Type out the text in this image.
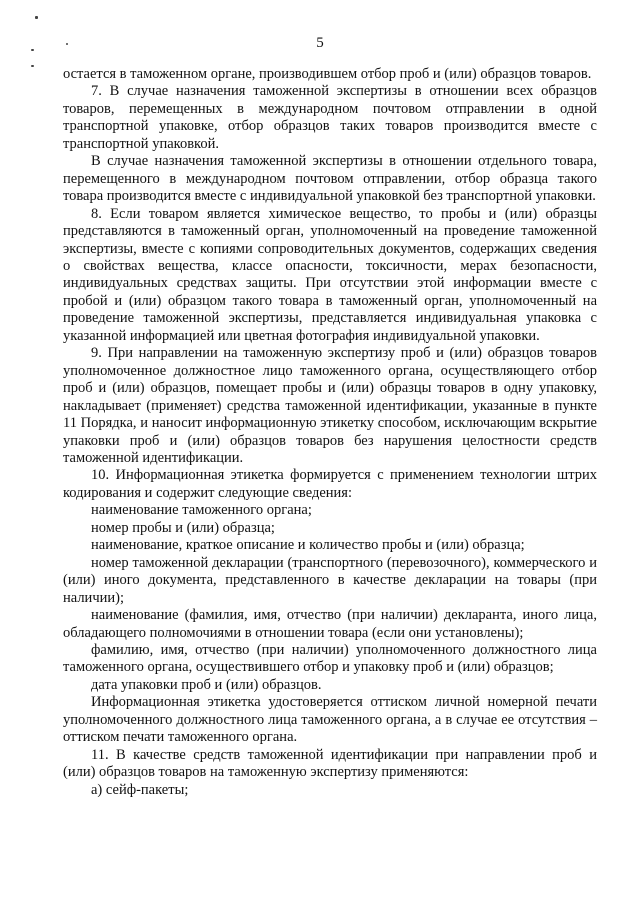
5

остается в таможенном органе, производившем отбор проб и (или) образцов товаров.

7. В случае назначения таможенной экспертизы в отношении всех образцов товаров, перемещенных в международном почтовом отправлении в одной транспортной упаковке, отбор образцов таких товаров производится вместе с транспортной упаковкой.

В случае назначения таможенной экспертизы в отношении отдельного товара, перемещенного в международном почтовом отправлении, отбор образца такого товара производится вместе с индивидуальной упаковкой без транспортной упаковки.

8. Если товаром является химическое вещество, то пробы и (или) образцы представляются в таможенный орган, уполномоченный на проведение таможенной экспертизы, вместе с копиями сопроводительных документов, содержащих сведения о свойствах вещества, классе опасности, токсичности, мерах безопасности, индивидуальных средствах защиты. При отсутствии этой информации вместе с пробой и (или) образцом такого товара в таможенный орган, уполномоченный на проведение таможенной экспертизы, представляется индивидуальная упаковка с указанной информацией или цветная фотография индивидуальной упаковки.

9. При направлении на таможенную экспертизу проб и (или) образцов товаров уполномоченное должностное лицо таможенного органа, осуществляющего отбор проб и (или) образцов, помещает пробы и (или) образцы товаров в одну упаковку, накладывает (применяет) средства таможенной идентификации, указанные в пункте 11 Порядка, и наносит информационную этикетку способом, исключающим вскрытие упаковки проб и (или) образцов товаров без нарушения целостности средств таможенной идентификации.

10. Информационная этикетка формируется с применением технологии штрих кодирования и содержит следующие сведения:

наименование таможенного органа;

номер пробы и (или) образца;

наименование, краткое описание и количество пробы и (или) образца;

номер таможенной декларации (транспортного (перевозочного), коммерческого и (или) иного документа, представленного в качестве декларации на товары (при наличии);

наименование (фамилия, имя, отчество (при наличии) декларанта, иного лица, обладающего полномочиями в отношении товара (если они установлены);

фамилию, имя, отчество (при наличии) уполномоченного должностного лица таможенного органа, осуществившего отбор и упаковку проб и (или) образцов;

дата упаковки проб и (или) образцов.

Информационная этикетка удостоверяется оттиском личной номерной печати уполномоченного должностного лица таможенного органа, а в случае ее отсутствия – оттиском печати таможенного органа.

11. В качестве средств таможенной идентификации при направлении проб и (или) образцов товаров на таможенную экспертизу применяются:

а) сейф-пакеты;
